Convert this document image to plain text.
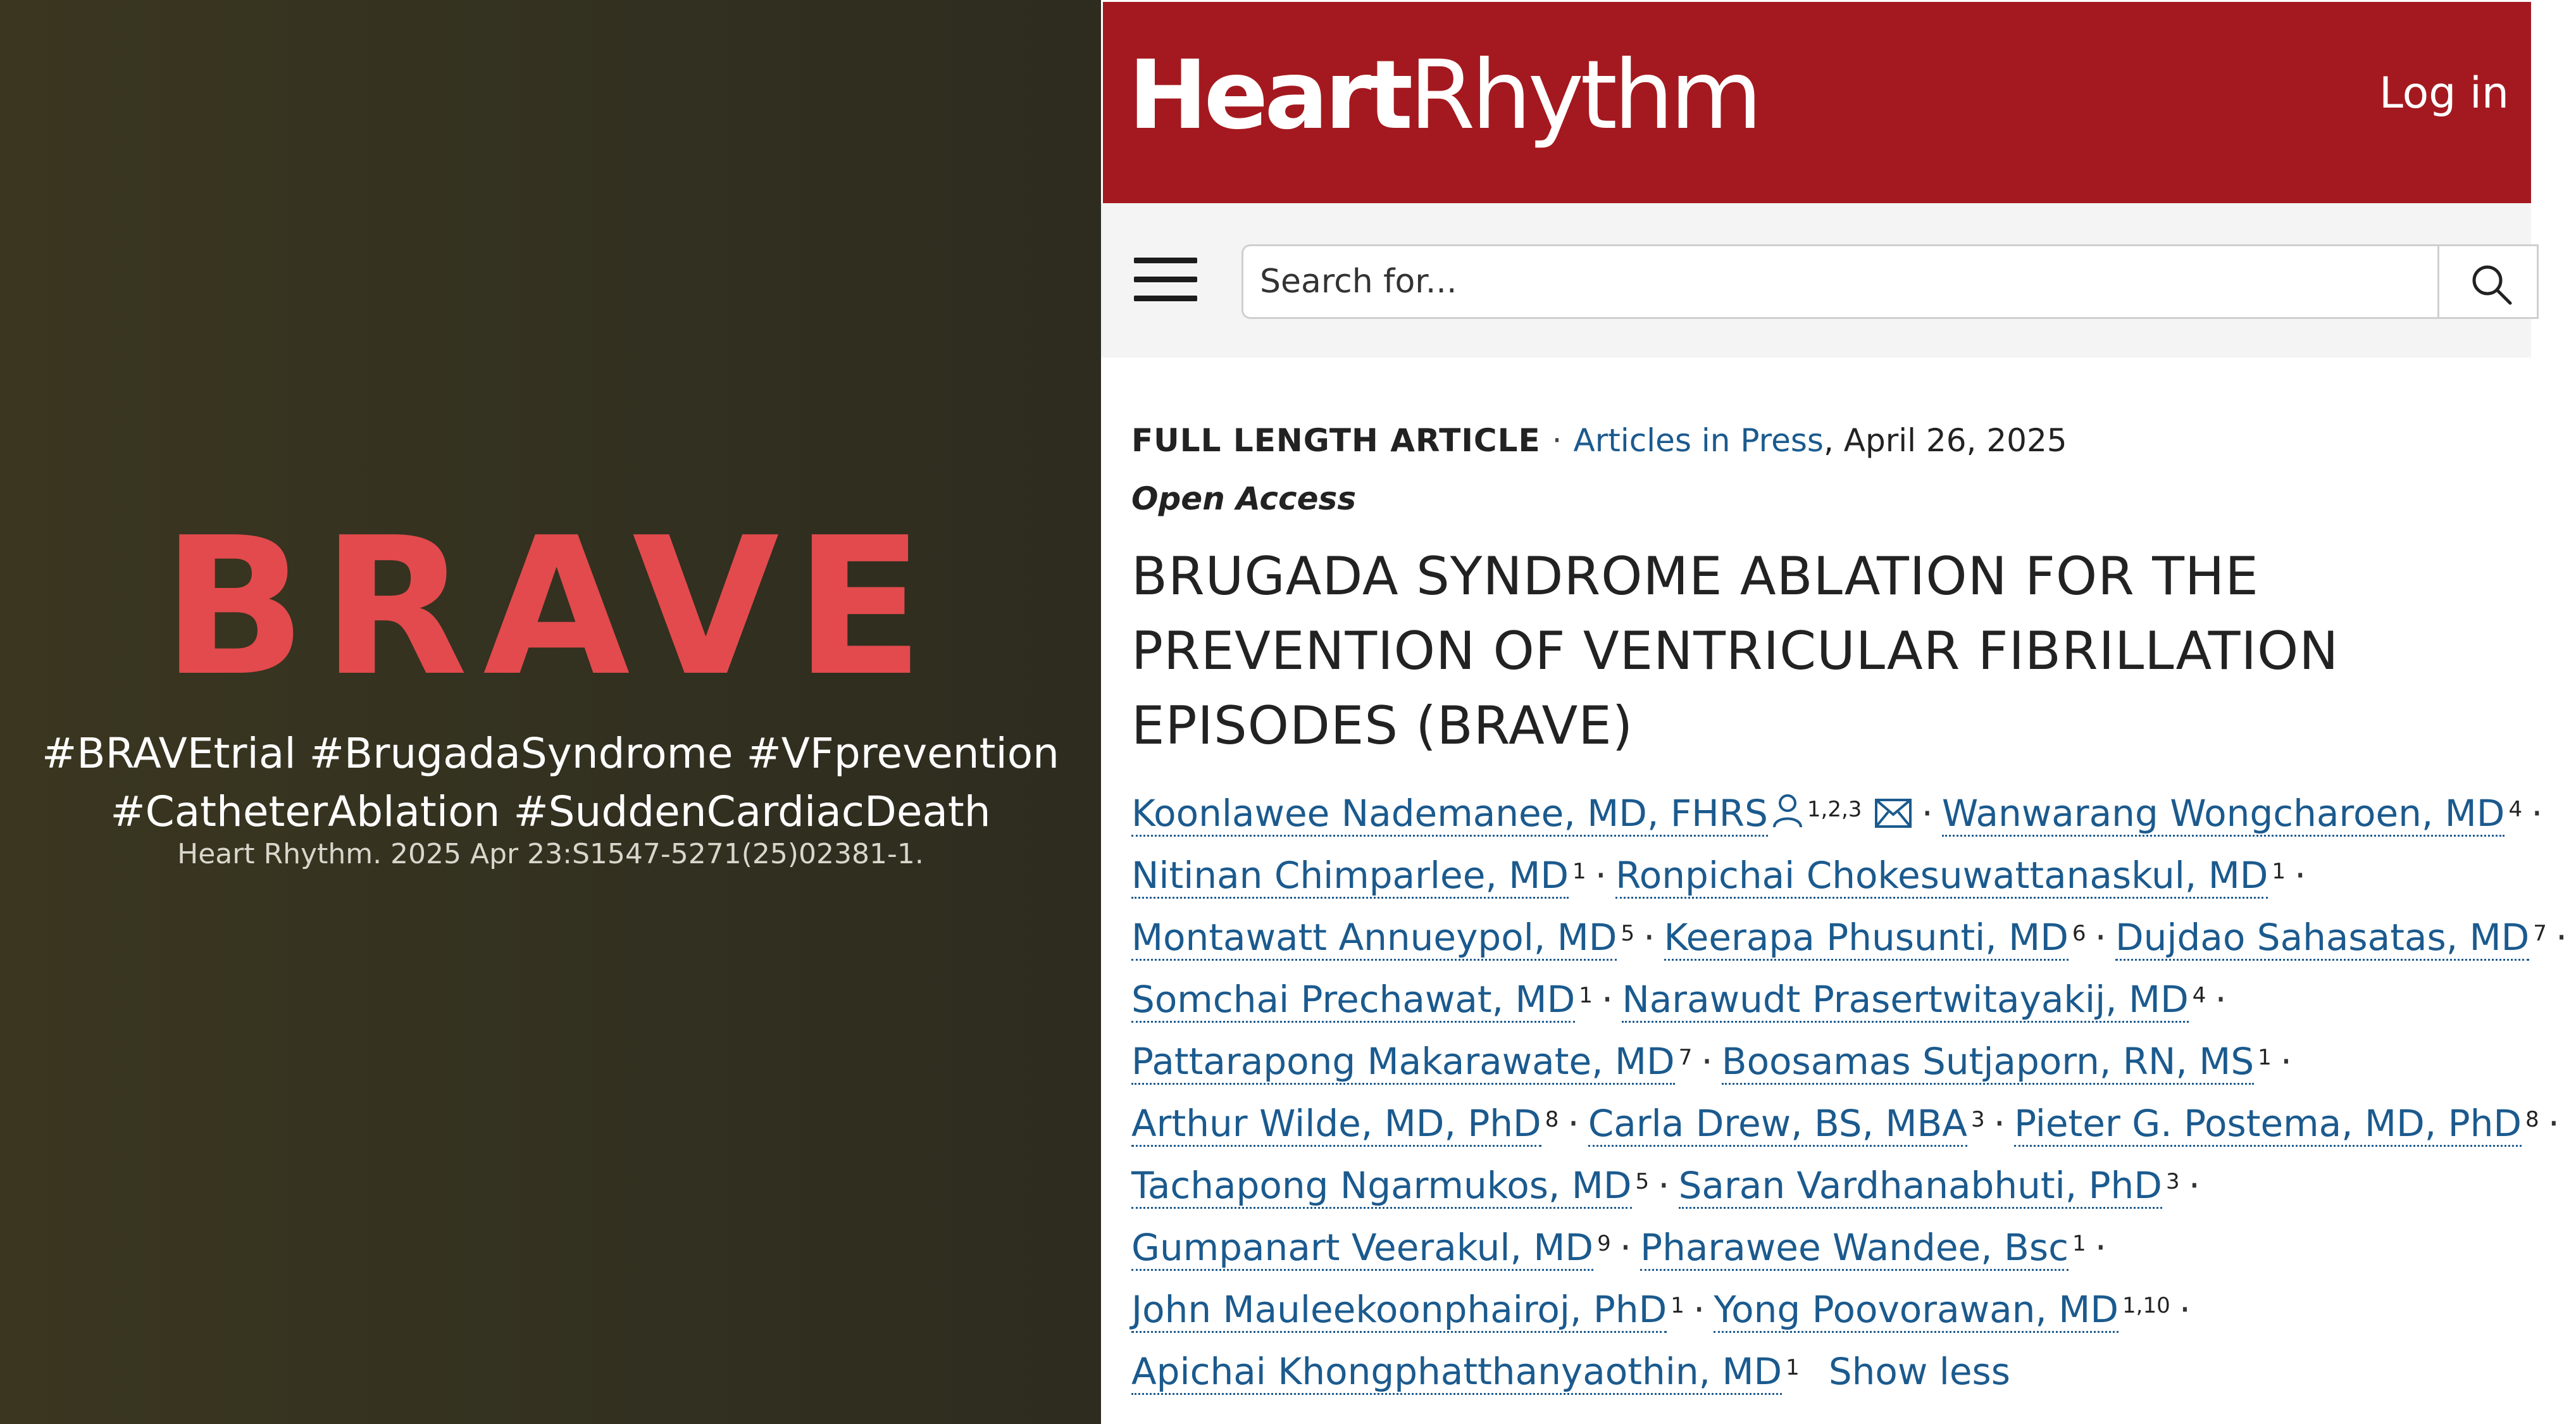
BRAVE
#BRAVEtrial #BrugadaSyndrome #VFprevention
#CatheterAblation #SuddenCardiacDeath
Heart Rhythm. 2025 Apr 23:S1547-5271(25)02381-1.
HeartRhythm	Log in
Search for...
FULL LENGTH ARTICLE · Articles in Press, April 26, 2025
Open Access
BRUGADA SYNDROME ABLATION FOR THE PREVENTION OF VENTRICULAR FIBRILLATION EPISODES (BRAVE)
Koonlawee Nademanee, MD, FHRS $^{1,2,3}$ · Wanwarang Wongcharoen, MD $^4$ ·
Nitinan Chimparlee, MD $^1$ · Ronpichai Chokesuwattanaskul, MD $^1$ ·
Montawatt Annueypol, MD $^5$ · Keerapa Phusunti, MD $^6$ · Dujdao Sahasatas, MD $^7$ ·
Somchai Prechawat, MD $^1$ · Narawudt Prasertwitayakij, MD $^4$ ·
Pattarapong Makarawate, MD $^7$ · Boosamas Sutjaporn, RN, MS $^1$ ·
Arthur Wilde, MD, PhD $^8$ · Carla Drew, BS, MBA $^3$ · Pieter G. Postema, MD, PhD $^8$ ·
Tachapong Ngarmukos, MD $^5$ · Saran Vardhanabhuti, PhD $^3$ ·
Gumpanart Veerakul, MD $^9$ · Pharawee Wandee, Bsc $^1$ ·
John Mauleekoonphairoj, PhD $^1$ · Yong Poovorawan, MD $^{1,10}$ ·
Apichai Khongphatthanyaothin, MD $^1$ Show less
